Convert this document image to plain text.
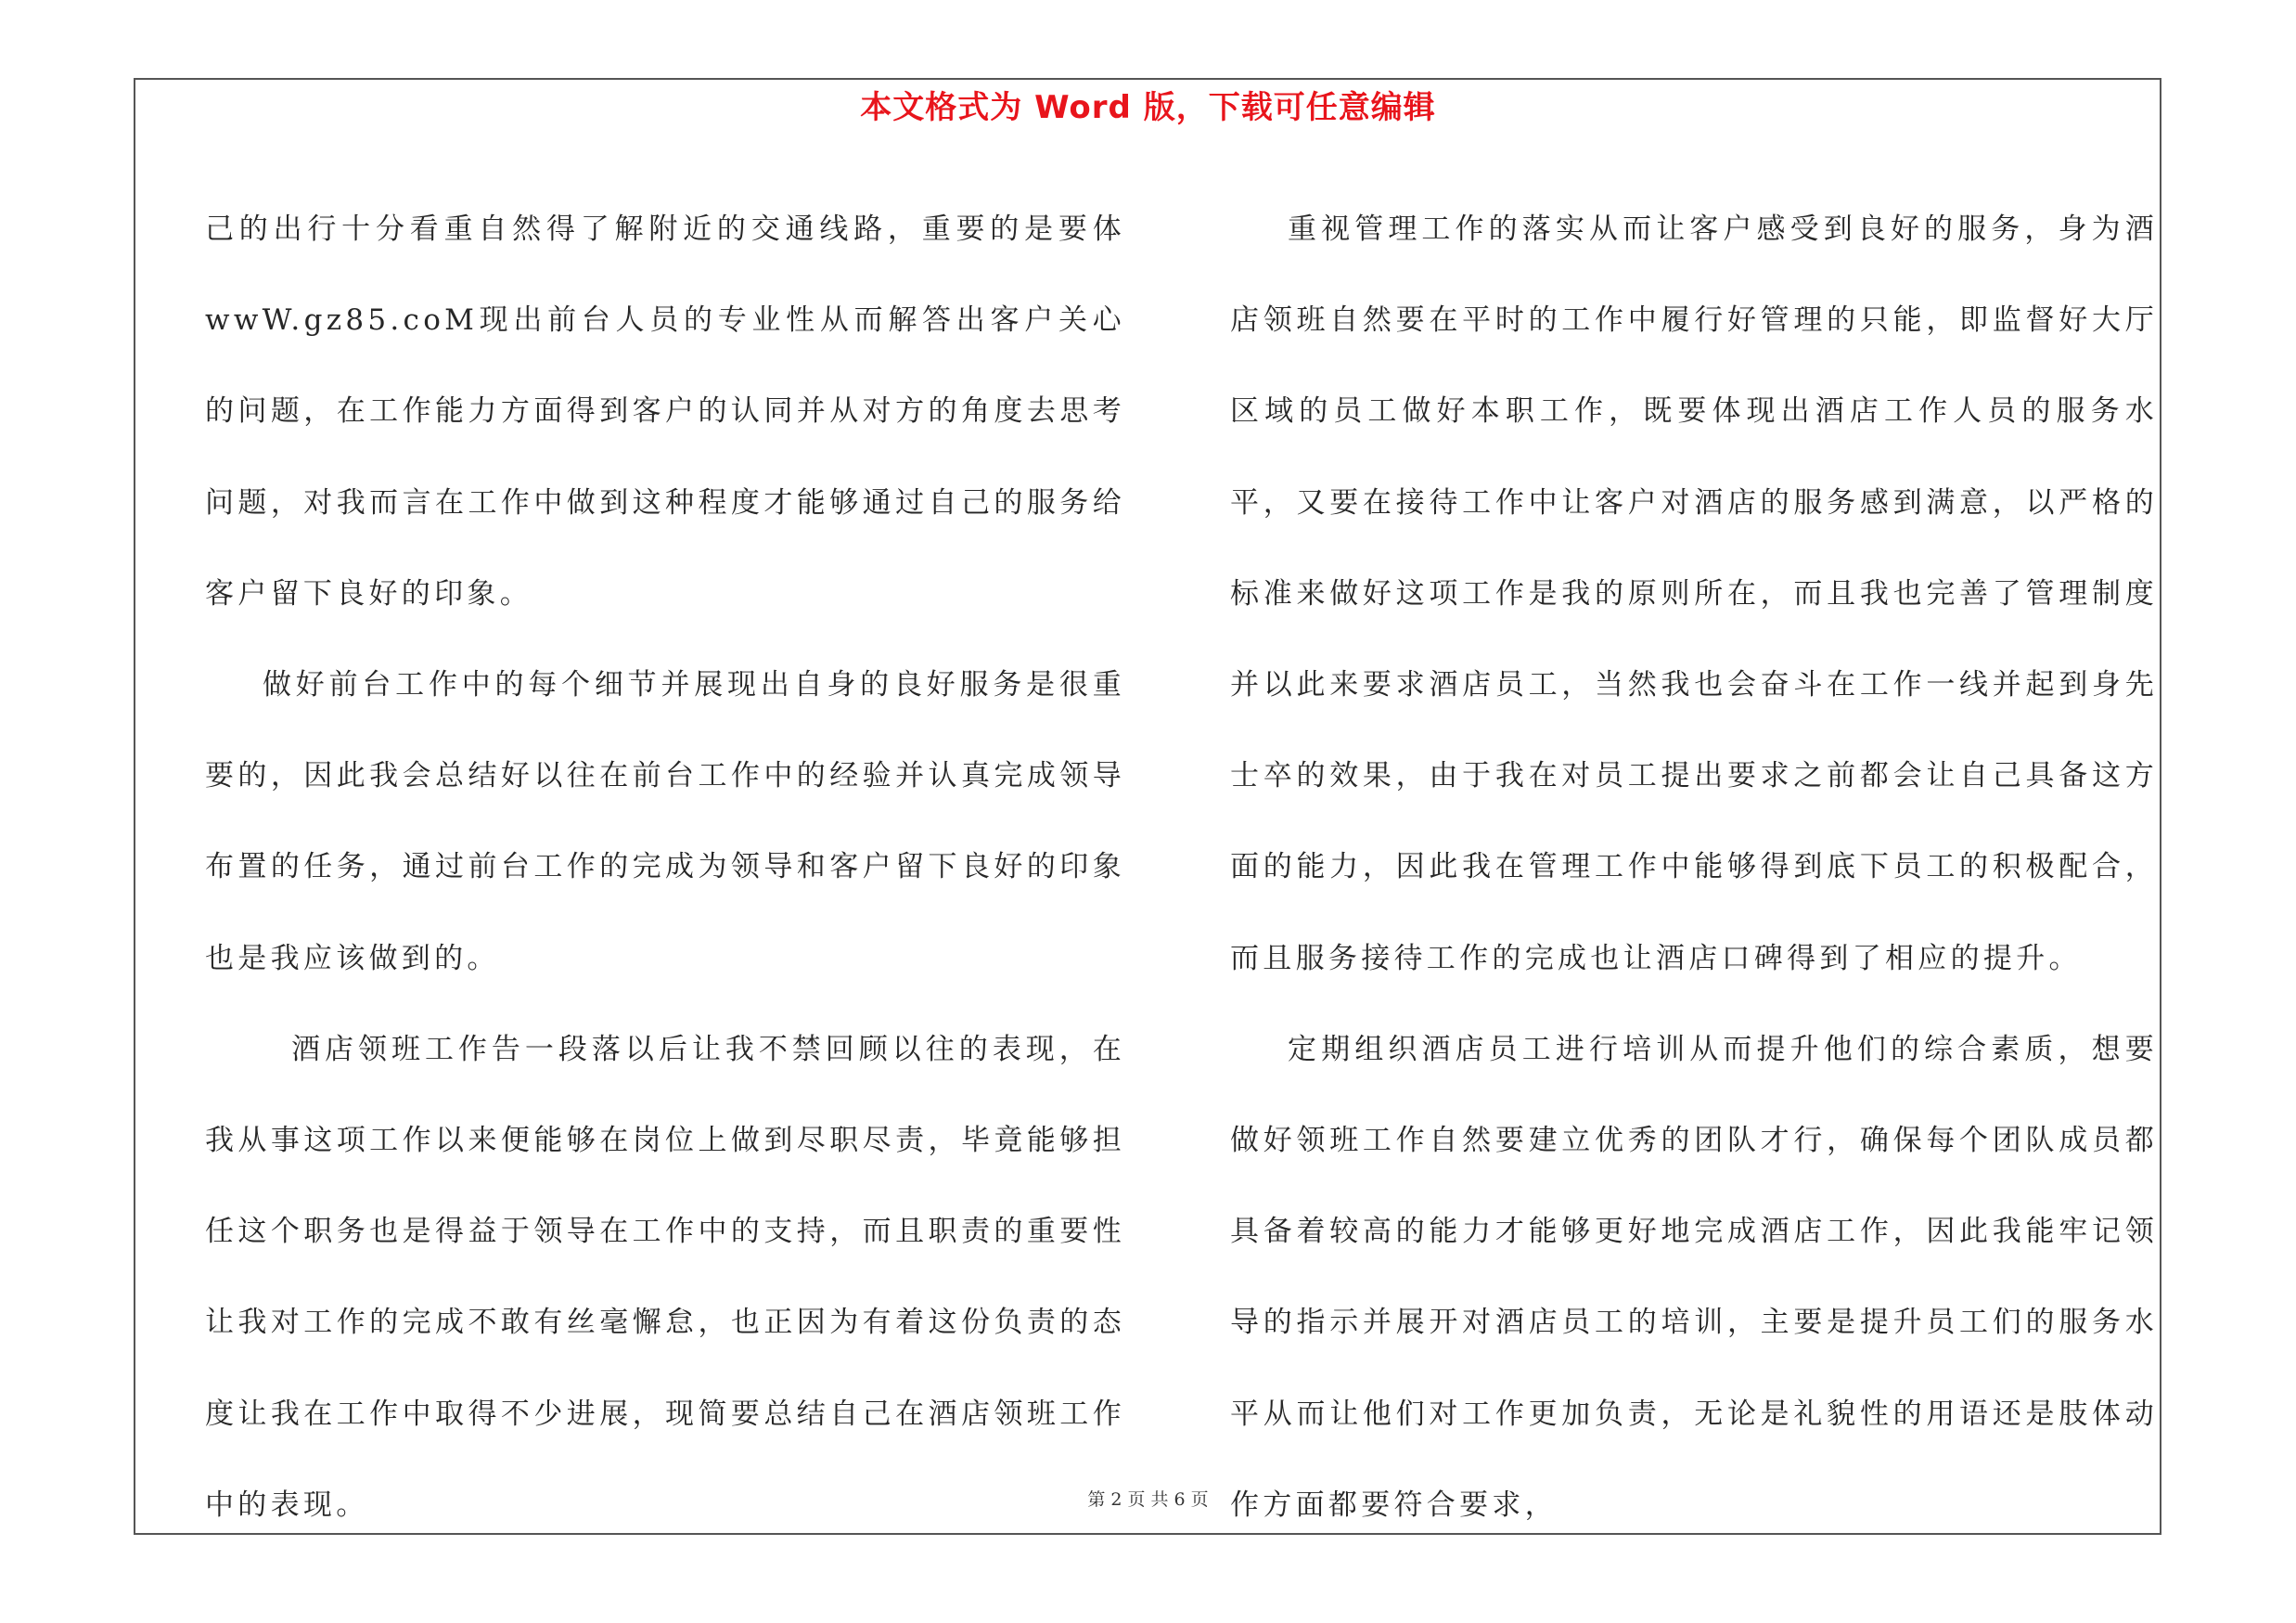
本文格式为 Word 版，下载可任意编辑

己的出行十分看重自然得了解附近的交通线路，重要的是要体wwW.gz85.coM现出前台人员的专业性从而解答出客户关心的问题，在工作能力方面得到客户的认同并从对方的角度去思考问题，对我而言在工作中做到这种程度才能够通过自己的服务给客户留下良好的印象。

做好前台工作中的每个细节并展现出自身的良好服务是很重要的，因此我会总结好以往在前台工作中的经验并认真完成领导布置的任务，通过前台工作的完成为领导和客户留下良好的印象也是我应该做到的。

酒店领班工作告一段落以后让我不禁回顾以往的表现，在我从事这项工作以来便能够在岗位上做到尽职尽责，毕竟能够担任这个职务也是得益于领导在工作中的支持，而且职责的重要性让我对工作的完成不敢有丝毫懈怠，也正因为有着这份负责的态度让我在工作中取得不少进展，现简要总结自己在酒店领班工作中的表现。

重视管理工作的落实从而让客户感受到良好的服务，身为酒店领班自然要在平时的工作中履行好管理的只能，即监督好大厅区域的员工做好本职工作，既要体现出酒店工作人员的服务水平，又要在接待工作中让客户对酒店的服务感到满意，以严格的标准来做好这项工作是我的原则所在，而且我也完善了管理制度并以此来要求酒店员工，当然我也会奋斗在工作一线并起到身先士卒的效果，由于我在对员工提出要求之前都会让自己具备这方面的能力，因此我在管理工作中能够得到底下员工的积极配合，而且服务接待工作的完成也让酒店口碑得到了相应的提升。

定期组织酒店员工进行培训从而提升他们的综合素质，想要做好领班工作自然要建立优秀的团队才行，确保每个团队成员都具备着较高的能力才能够更好地完成酒店工作，因此我能牢记领导的指示并展开对酒店员工的培训，主要是提升员工们的服务水平从而让他们对工作更加负责，无论是礼貌性的用语还是肢体动作方面都要符合要求，

第 2 页 共 6 页
